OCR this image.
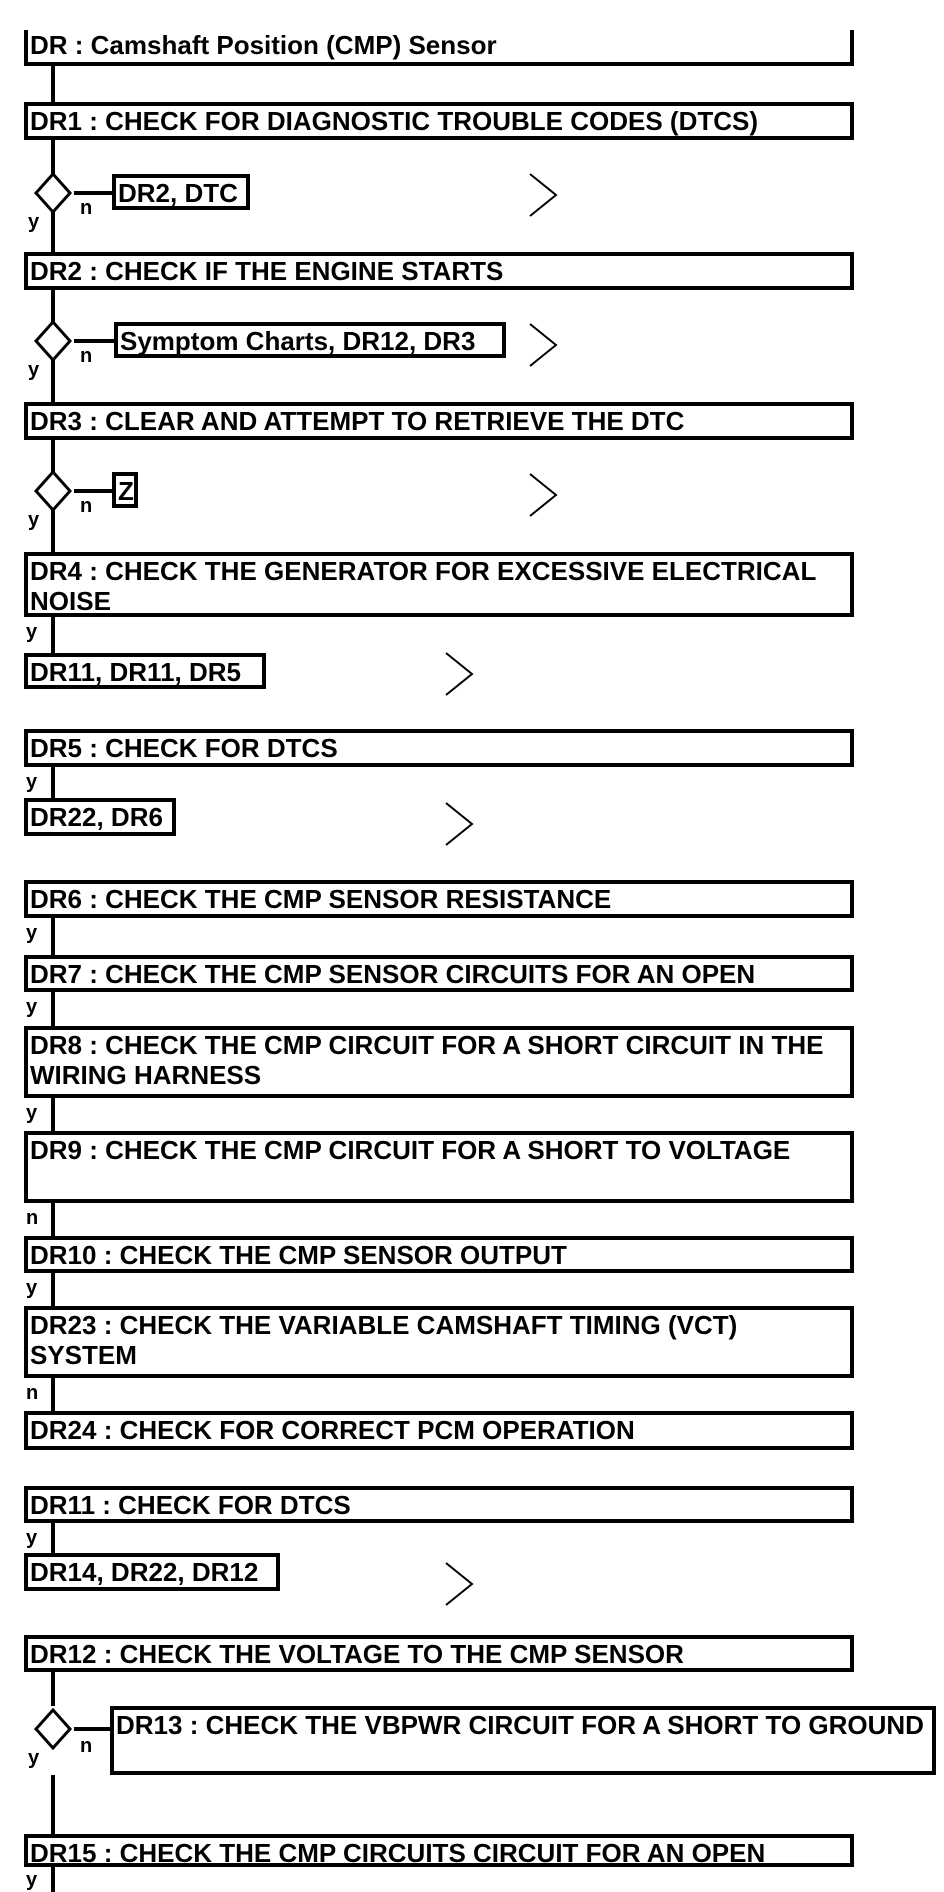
DR : Camshaft Position (CMP) Sensor
DR1 : CHECK FOR DIAGNOSTIC TROUBLE CODES (DTCS)
DR2, DTC
n
y
DR2 : CHECK IF THE ENGINE STARTS
Symptom Charts, DR12, DR3
n
y
DR3 : CLEAR AND ATTEMPT TO RETRIEVE THE DTC
Z
n
y
DR4 : CHECK THE GENERATOR FOR EXCESSIVE ELECTRICAL NOISE
y
DR11, DR11, DR5
DR5 : CHECK FOR DTCS
y
DR22, DR6
DR6 : CHECK THE CMP SENSOR RESISTANCE
y
DR7 : CHECK THE CMP SENSOR CIRCUITS FOR AN OPEN
y
DR8 : CHECK THE CMP CIRCUIT FOR A SHORT CIRCUIT IN THE WIRING HARNESS
y
DR9 : CHECK THE CMP CIRCUIT FOR A SHORT TO VOLTAGE
n
DR10 : CHECK THE CMP SENSOR OUTPUT
y
DR23 : CHECK THE VARIABLE CAMSHAFT TIMING (VCT) SYSTEM
n
DR24 : CHECK FOR CORRECT PCM OPERATION
DR11 : CHECK FOR DTCS
y
DR14, DR22, DR12
DR12 : CHECK THE VOLTAGE TO THE CMP SENSOR
DR13 : CHECK THE VBPWR CIRCUIT FOR A SHORT TO GROUND
n
y
DR15 : CHECK THE CMP CIRCUITS CIRCUIT FOR AN OPEN
y
